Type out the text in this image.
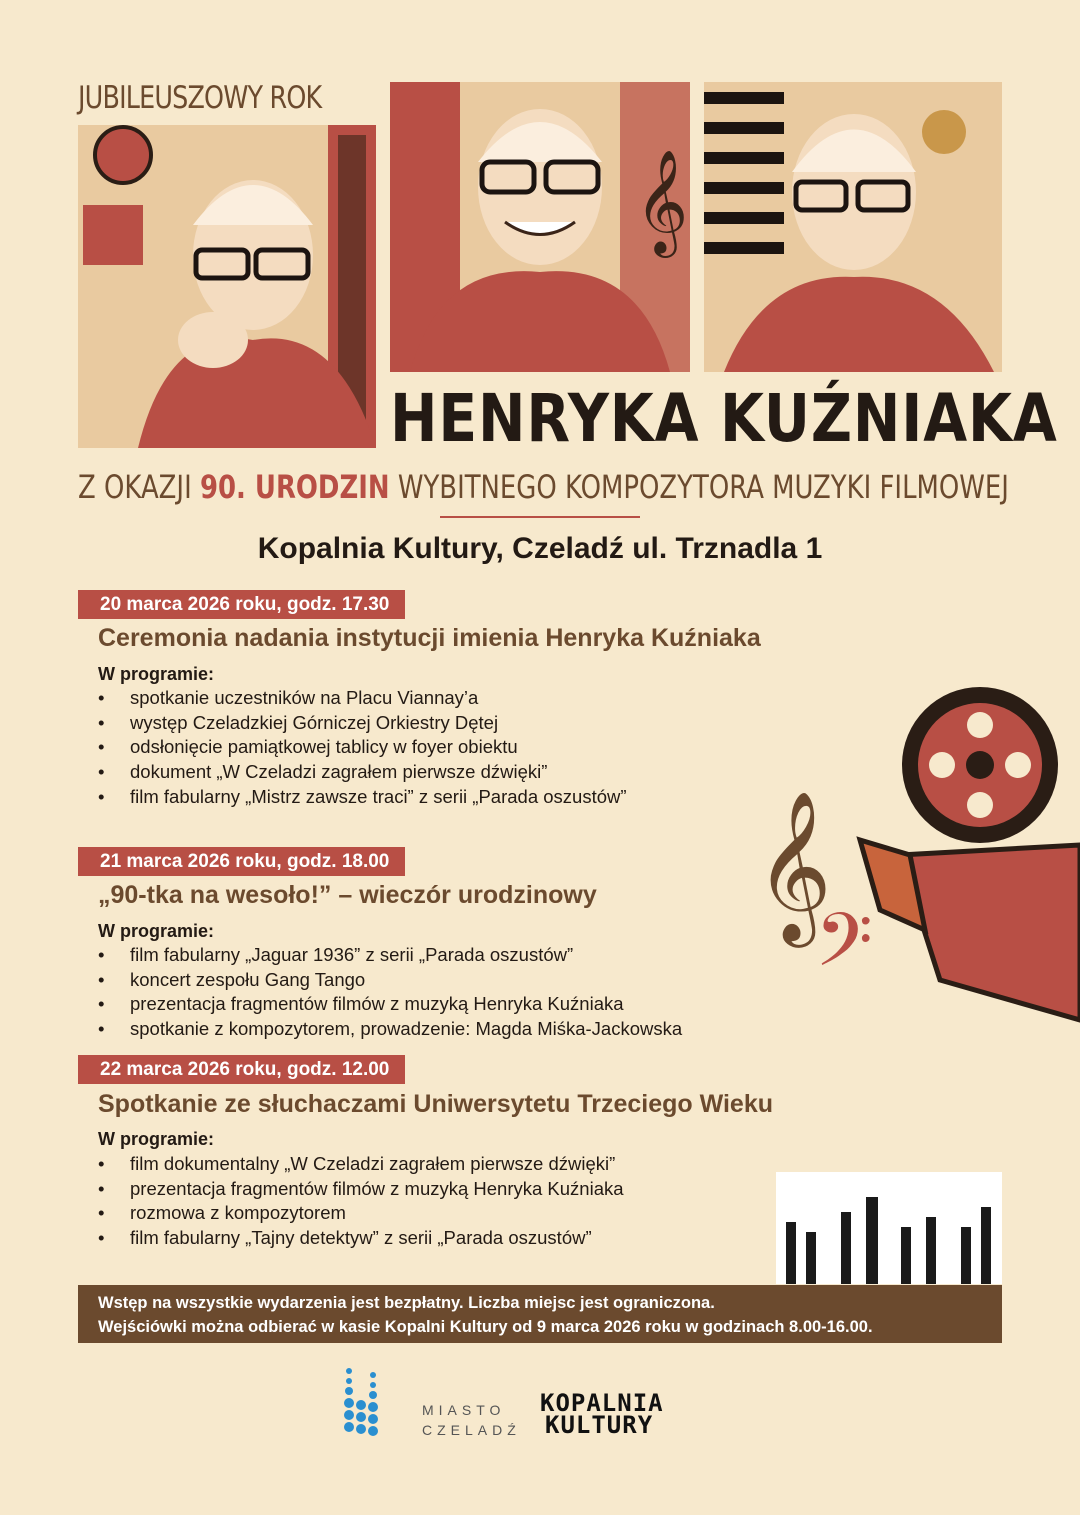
JUBILEUSZOWY ROK
𝄞
HENRYKA KUŹNIAKA
Z OKAZJI 90. URODZIN WYBITNEGO KOMPOZYTORA MUZYKI FILMOWEJ
Kopalnia Kultury, Czeladź ul. Trznadla 1
20 marca 2026 roku, godz. 17.30
Ceremonia nadania instytucji imienia Henryka Kuźniaka
W programie:
• spotkanie uczestników na Placu Viannay’a
• występ Czeladzkiej Górniczej Orkiestry Dętej
• odsłonięcie pamiątkowej tablicy w foyer obiektu
• dokument „W Czeladzi zagrałem pierwsze dźwięki”
• film fabularny „Mistrz zawsze traci” z serii „Parada oszustów”
21 marca 2026 roku, godz. 18.00
„90-tka na wesoło!” – wieczór urodzinowy
W programie:
• film fabularny „Jaguar 1936” z serii „Parada oszustów”
• koncert zespołu Gang Tango
• prezentacja fragmentów filmów z muzyką Henryka Kuźniaka
• spotkanie z kompozytorem, prowadzenie: Magda Miśka-Jackowska
22 marca 2026 roku, godz. 12.00
Spotkanie ze słuchaczami Uniwersytetu Trzeciego Wieku
W programie:
• film dokumentalny „W Czeladzi zagrałem pierwsze dźwięki”
• prezentacja fragmentów filmów z muzyką Henryka Kuźniaka
• rozmowa z kompozytorem
• film fabularny „Tajny detektyw” z serii „Parada oszustów”
𝄞
𝄢
Wstęp na wszystkie wydarzenia jest bezpłatny. Liczba miejsc jest ograniczona.
Wejściówki można odbierać w kasie Kopalni Kultury od 9 marca 2026 roku w godzinach 8.00-16.00.
MIASTO
CZELADŹ
KOPALNIA
KULTURY
